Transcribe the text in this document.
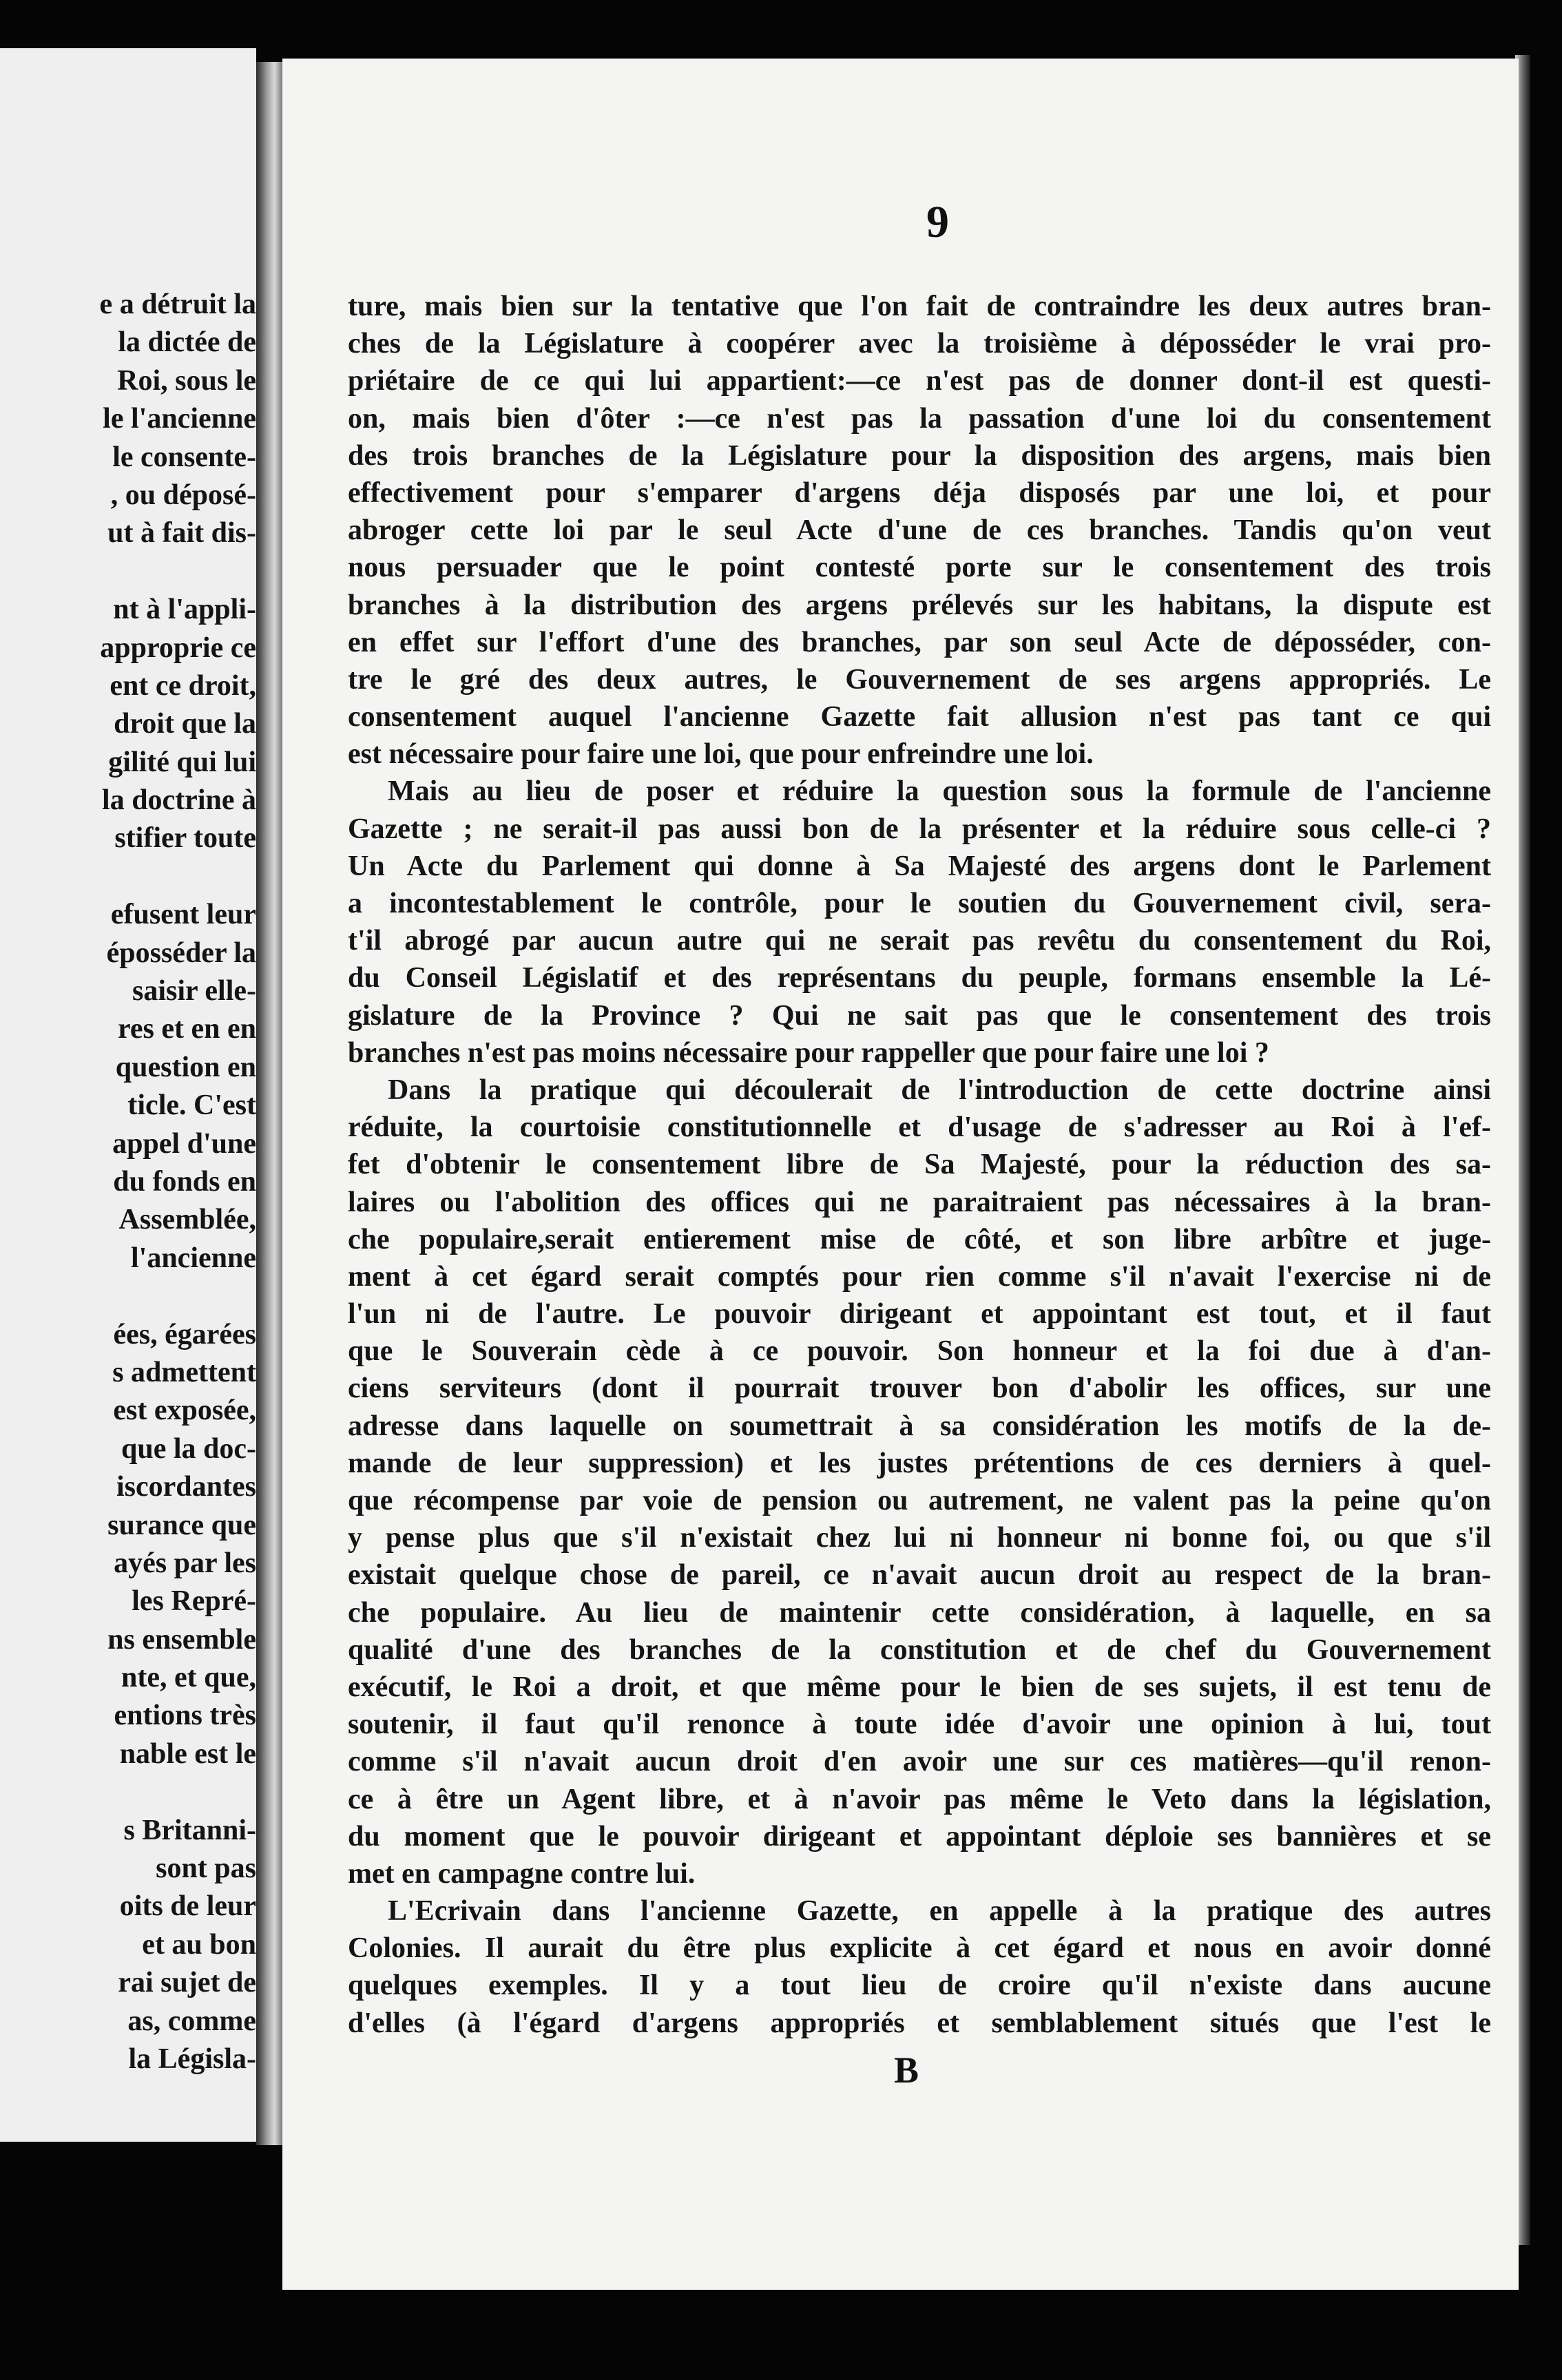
e a détruit la
la dictée de
Roi, sous le
le l'ancienne
le consente-
, ou déposé-
ut à fait dis-
nt à l'appli-
approprie ce
ent ce droit,
droit que la
gilité qui lui
la doctrine à
stifier toute
efusent leur
éposséder la
saisir elle-
res et en en
question en
ticle. C'est
appel d'une
du fonds en
Assemblée,
l'ancienne
ées, égarées
s admettent
est exposée,
que la doc-
iscordantes
surance que
ayés par les
les Repré-
ns ensemble
nte, et que,
entions très
nable est le
s Britanni-
sont pas
oits de leur
et au bon
rai sujet de
as, comme
la Législa-
9
ture, mais bien sur la tentative que l'on fait de contraindre les deux autres bran-
ches de la Législature à coopérer avec la troisième à déposséder le vrai pro-
priétaire de ce qui lui appartient:—ce n'est pas de donner dont-il est questi-
on, mais bien d'ôter :—ce n'est pas la passation d'une loi du consentement
des trois branches de la Législature pour la disposition des argens, mais bien
effectivement pour s'emparer d'argens déja disposés par une loi, et pour
abroger cette loi par le seul Acte d'une de ces branches. Tandis qu'on veut
nous persuader que le point contesté porte sur le consentement des trois
branches à la distribution des argens prélevés sur les habitans, la dispute est
en effet sur l'effort d'une des branches, par son seul Acte de déposséder, con-
tre le gré des deux autres, le Gouvernement de ses argens appropriés. Le
consentement auquel l'ancienne Gazette fait allusion n'est pas tant ce qui
est nécessaire pour faire une loi, que pour enfreindre une loi.
Mais au lieu de poser et réduire la question sous la formule de l'ancienne
Gazette ; ne serait-il pas aussi bon de la présenter et la réduire sous celle-ci ?
Un Acte du Parlement qui donne à Sa Majesté des argens dont le Parlement
a incontestablement le contrôle, pour le soutien du Gouvernement civil, sera-
t'il abrogé par aucun autre qui ne serait pas revêtu du consentement du Roi,
du Conseil Législatif et des représentans du peuple, formans ensemble la Lé-
gislature de la Province ? Qui ne sait pas que le consentement des trois
branches n'est pas moins nécessaire pour rappeller que pour faire une loi ?
Dans la pratique qui découlerait de l'introduction de cette doctrine ainsi
réduite, la courtoisie constitutionnelle et d'usage de s'adresser au Roi à l'ef-
fet d'obtenir le consentement libre de Sa Majesté, pour la réduction des sa-
laires ou l'abolition des offices qui ne paraitraient pas nécessaires à la bran-
che populaire,serait entierement mise de côté, et son libre arbître et juge-
ment à cet égard serait comptés pour rien comme s'il n'avait l'exercise ni de
l'un ni de l'autre. Le pouvoir dirigeant et appointant est tout, et il faut
que le Souverain cède à ce pouvoir. Son honneur et la foi due à d'an-
ciens serviteurs (dont il pourrait trouver bon d'abolir les offices, sur une
adresse dans laquelle on soumettrait à sa considération les motifs de la de-
mande de leur suppression) et les justes prétentions de ces derniers à quel-
que récompense par voie de pension ou autrement, ne valent pas la peine qu'on
y pense plus que s'il n'existait chez lui ni honneur ni bonne foi, ou que s'il
existait quelque chose de pareil, ce n'avait aucun droit au respect de la bran-
che populaire. Au lieu de maintenir cette considération, à laquelle, en sa
qualité d'une des branches de la constitution et de chef du Gouvernement
exécutif, le Roi a droit, et que même pour le bien de ses sujets, il est tenu de
soutenir, il faut qu'il renonce à toute idée d'avoir une opinion à lui, tout
comme s'il n'avait aucun droit d'en avoir une sur ces matières—qu'il renon-
ce à être un Agent libre, et à n'avoir pas même le Veto dans la législation,
du moment que le pouvoir dirigeant et appointant déploie ses bannières et se
met en campagne contre lui.
L'Ecrivain dans l'ancienne Gazette, en appelle à la pratique des autres
Colonies. Il aurait du être plus explicite à cet égard et nous en avoir donné
quelques exemples. Il y a tout lieu de croire qu'il n'existe dans aucune
d'elles (à l'égard d'argens appropriés et semblablement situés que l'est le
B
